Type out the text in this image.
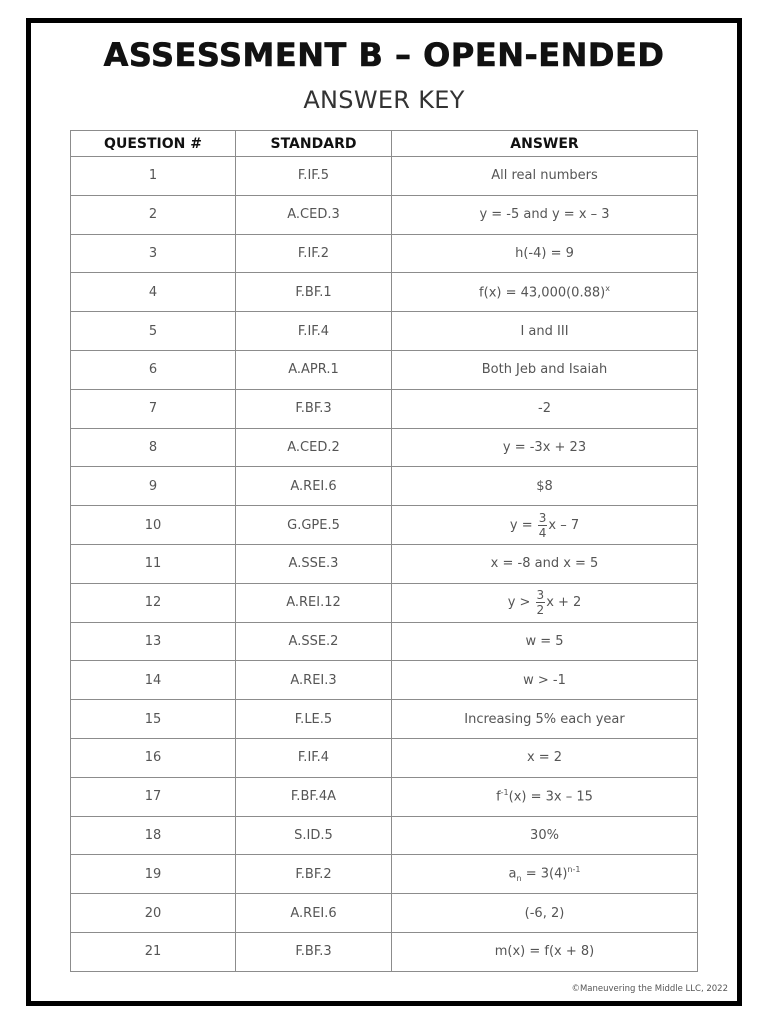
ASSESSMENT B – OPEN-ENDED
ANSWER KEY
QUESTION #	STANDARD	ANSWER
1	F.IF.5	All real numbers
2	A.CED.3	y = -5 and y = x – 3
3	F.IF.2	h(-4) = 9
4	F.BF.1	$f(x) = 43,000(0.88)^x$
5	F.IF.4	I and III
6	A.APR.1	Both Jeb and Isaiah
7	F.BF.3	-2
8	A.CED.2	y = -3x + 23
9	A.REI.6	$8
10	G.GPE.5	$y = \frac{3}{4}$ x – 7
11	A.SSE.3	x = -8 and x = 5
12	A.REI.12	$y > \frac{3}{2}$ x + 2
13	A.SSE.2	w = 5
14	A.REI.3	w > -1
15	F.LE.5	Increasing 5% each year
16	F.IF.4	x = 2
17	F.BF.4A	$f^{-1}(x) = 3x - 15$
18	S.ID.5	30%
19	F.BF.2	$a_n = 3(4)^{n-1}$
20	A.REI.6	(-6, 2)
21	F.BF.3	m(x) = f(x + 8)
©Maneuvering the Middle LLC, 2022
